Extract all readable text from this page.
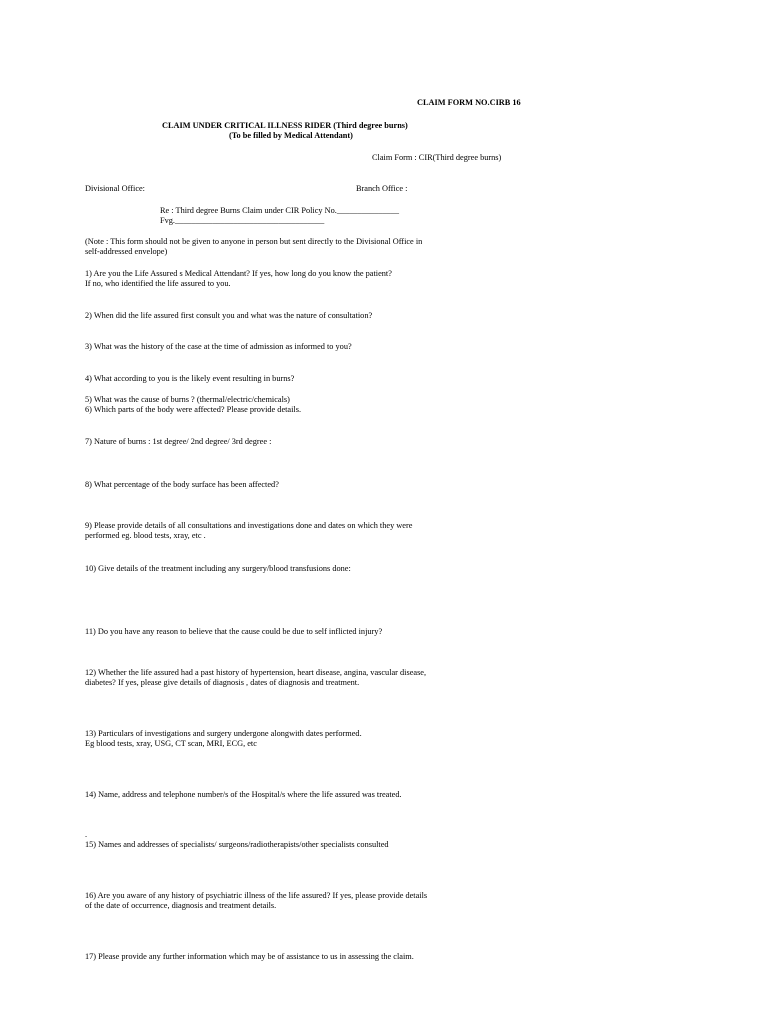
CLAIM FORM NO.CIRB 16
CLAIM UNDER CRITICAL ILLNESS RIDER (Third degree burns)
(To be filled by Medical Attendant)
Claim Form : CIR(Third degree burns)
Divisional Office:	Branch Office :
Re : Third degree Burns Claim under CIR Policy No._______________
Fvg.____________________________________
(Note : This form should not be given to anyone in person but sent directly to the Divisional Office in
self-addressed envelope)
1) Are you the Life Assured s Medical Attendant? If yes, how long do you know the patient?
If no, who identified the life assured to you.
2) When did the life assured first consult you and what was the nature of consultation?
3) What was the history of the case at the time of admission as informed to you?
4) What according to you is the likely event resulting in burns?
5) What was the cause of burns ? (thermal/electric/chemicals)
6) Which parts of the body were affected? Please provide details.
7) Nature of burns : 1st degree/ 2nd degree/ 3rd degree :
8) What percentage of the body surface has been affected?
9) Please provide details of all consultations and investigations done and dates on which they were
performed eg. blood tests, xray, etc .
10) Give details of the treatment including any surgery/blood transfusions done:
11) Do you have any reason to believe that the cause could be due to self inflicted injury?
12) Whether the life assured had a past history of hypertension, heart disease, angina, vascular disease,
diabetes? If yes, please give details of diagnosis , dates of diagnosis and treatment.
13) Particulars of investigations and surgery undergone alongwith dates performed.
Eg blood tests, xray, USG, CT scan, MRI, ECG, etc
14) Name, address and telephone number/s of the Hospital/s where the life assured was treated.
.
15) Names and addresses of specialists/ surgeons/radiotherapists/other specialists consulted
16) Are you aware of any history of psychiatric illness of the life assured? If yes, please provide details
of the date of occurrence, diagnosis and treatment details.
17) Please provide any further information which may be of assistance to us in assessing the claim.
